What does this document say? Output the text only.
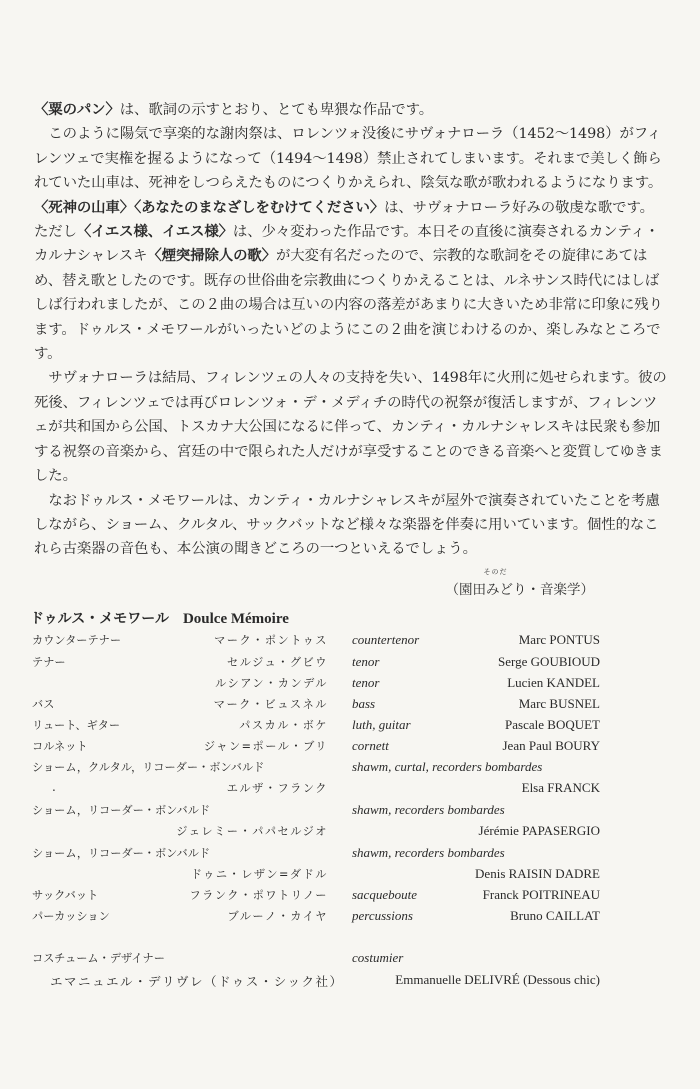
〈粟のパン〉は、歌詞の示すとおり、とても卑猥な作品です。

このように陽気で享楽的な謝肉祭は、ロレンツォ没後にサヴォナローラ（1452〜1498）がフィレンツェで実権を握るようになって（1494〜1498）禁止されてしまいます。それまで美しく飾られていた山車は、死神をしつらえたものにつくりかえられ、陰気な歌が歌われるようになります。〈死神の山車〉〈あなたのまなざしをむけてください〉は、サヴォナローラ好みの敬虔な歌です。ただし〈イエス様、イエス様〉は、少々変わった作品です。本日その直後に演奏されるカンティ・カルナシャレスキ〈煙突掃除人の歌〉が大変有名だったので、宗教的な歌詞をその旋律にあてはめ、替え歌としたのです。既存の世俗曲を宗教曲につくりかえることは、ルネサンス時代にはしばしば行われましたが、この２曲の場合は互いの内容の落差があまりに大きいため非常に印象に残ります。ドゥルス・メモワールがいったいどのようにこの２曲を演じわけるのか、楽しみなところです。

サヴォナローラは結局、フィレンツェの人々の支持を失い、1498年に火刑に処せられます。彼の死後、フィレンツェでは再びロレンツォ・デ・メディチの時代の祝祭が復活しますが、フィレンツェが共和国から公国、トスカナ大公国になるに伴って、カンティ・カルナシャレスキは民衆も参加する祝祭の音楽から、宮廷の中で限られた人だけが享受することのできる音楽へと変質してゆきました。

なおドゥルス・メモワールは、カンティ・カルナシャレスキが屋外で演奏されていたことを考慮しながら、ショーム、クルタル、サックバットなど様々な楽器を伴奏に用いています。個性的なこれら古楽器の音色も、本公演の聞きどころの一つといえるでしょう。

そのだ
（園田みどり・音楽学）
ドゥルス・メモワール Doulce Mémoire
カウンターテナー	マーク・ポントゥス countertenor	Marc PONTUS
テナー	セルジュ・グビウ tenor	Serge GOUBIOUD
ルシアン・カンデル tenor	Lucien KANDEL
バス	マーク・ビュスネル bass	Marc BUSNEL
リュート、ギター	パスカル・ボケ luth, guitar	Pascale BOQUET
コルネット	ジャン=ポール・ブリ cornett	Jean Paul BOURY
ショーム，クルタル，リコーダー・ボンバルド	shawm, curtal, recorders bombardes
エルザ・フランク	Elsa FRANCK
ショーム，リコーダー・ボンバルド	shawm, recorders bombardes
ジェレミー・パパセルジオ	Jérémie PAPASERGIO
ショーム，リコーダー・ボンバルド	shawm, recorders bombardes
ドゥニ・レザン=ダドル	Denis RAISIN DADRE
サックバット	フランク・ポワトリノー sacqueboute	Franck POITRINEAU
パーカッション	ブルーノ・カイヤ percussions	Bruno CAILLAT
.
コスチューム・デザイナー	costumier
エマニュエル・デリヴレ（ドゥス・シック社）	Emmanuelle DELIVRÉ (Dessous chic)
